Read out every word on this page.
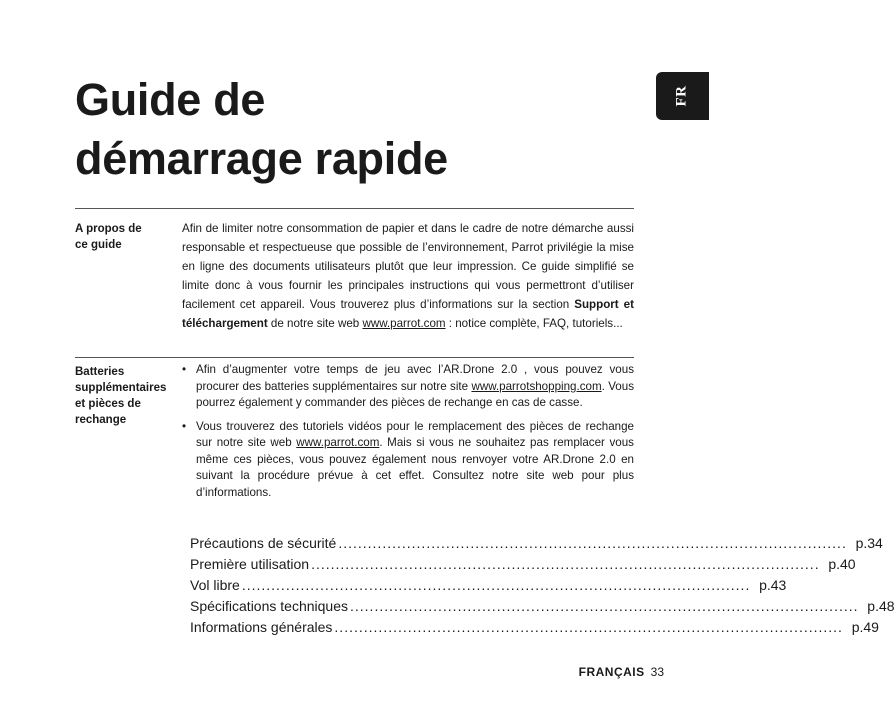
Guide de
démarrage rapide
FR

A propos de
ce guide

Afin de limiter notre consommation de papier et dans le cadre de notre démarche aussi responsable et respectueuse que possible de l’environnement, Parrot privilégie la mise en ligne des documents utilisateurs plutôt que leur impression. Ce guide simplifié se limite donc à vous fournir les principales instructions qui vous permettront d’utiliser facilement cet appareil. Vous trouverez plus d’informations sur la section Support et téléchargement de notre site web www.parrot.com : notice complète, FAQ, tutoriels...

Batteries
supplémentaires
et pièces de
rechange

• Afin d’augmenter votre temps de jeu avec l’AR.Drone 2.0 , vous pouvez vous procurer des batteries supplémentaires sur notre site www.parrotshopping.com. Vous pourrez également y commander des pièces de rechange en cas de casse.
• Vous trouverez des tutoriels vidéos pour le remplacement des pièces de rechange sur notre site web www.parrot.com. Mais si vous ne souhaitez pas remplacer vous même ces pièces, vous pouvez également nous renvoyer votre AR.Drone 2.0 en suivant la procédure prévue à cet effet. Consultez notre site web pour plus d’informations.
Précautions de sécurité ........................................................................................................ p.34
Première utilisation ........................................................................................................ p.40
Vol libre ........................................................................................................ p.43
Spécifications techniques ........................................................................................................ p.48
Informations générales ........................................................................................................ p.49
FRANÇAIS 33
